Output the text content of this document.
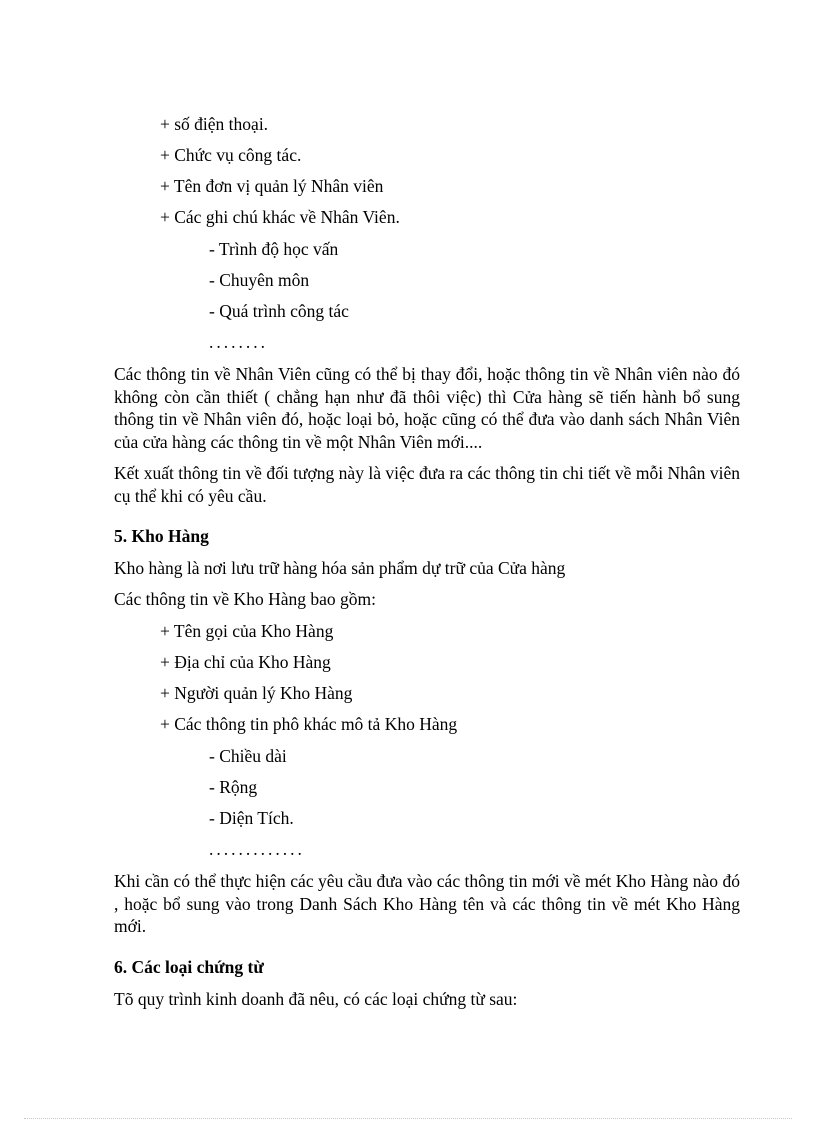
+ số điện thoại.
+ Chức vụ công tác.
+ Tên đơn vị quản lý Nhân viên
+ Các ghi chú khác về Nhân Viên.
- Trình độ học vấn
- Chuyên môn
- Quá trình công tác
........

Các thông tin về Nhân Viên cũng có thể bị thay đổi, hoặc thông tin về Nhân viên nào đó không còn cần thiết ( chẳng hạn như đã thôi việc) thì Cửa hàng sẽ tiến hành bổ sung thông tin về Nhân viên đó, hoặc loại bỏ, hoặc cũng có thể đưa vào danh sách Nhân Viên của cửa hàng các thông tin về một Nhân Viên mới....

Kết xuất thông tin về đối tượng này là việc đưa ra các thông tin chi tiết về mỗi Nhân viên cụ thể khi có yêu cầu.

5. Kho Hàng
Kho hàng là nơi lưu trữ hàng hóa sản phẩm dự trữ của Cửa hàng
Các thông tin về Kho Hàng bao gồm:
+ Tên gọi của Kho Hàng
+ Địa chỉ của Kho Hàng
+ Người quản lý Kho Hàng
+ Các thông tin phô khác mô tả Kho Hàng
- Chiều dài
- Rộng
- Diện Tích.
.............

Khi cần có thể thực hiện các yêu cầu đưa vào các thông tin mới về mét Kho Hàng nào đó , hoặc bổ sung vào trong Danh Sách Kho Hàng tên và các thông tin về mét Kho Hàng mới.

6. Các loại chứng từ
Tõ quy trình kinh doanh đã nêu, có các loại chứng từ sau:
